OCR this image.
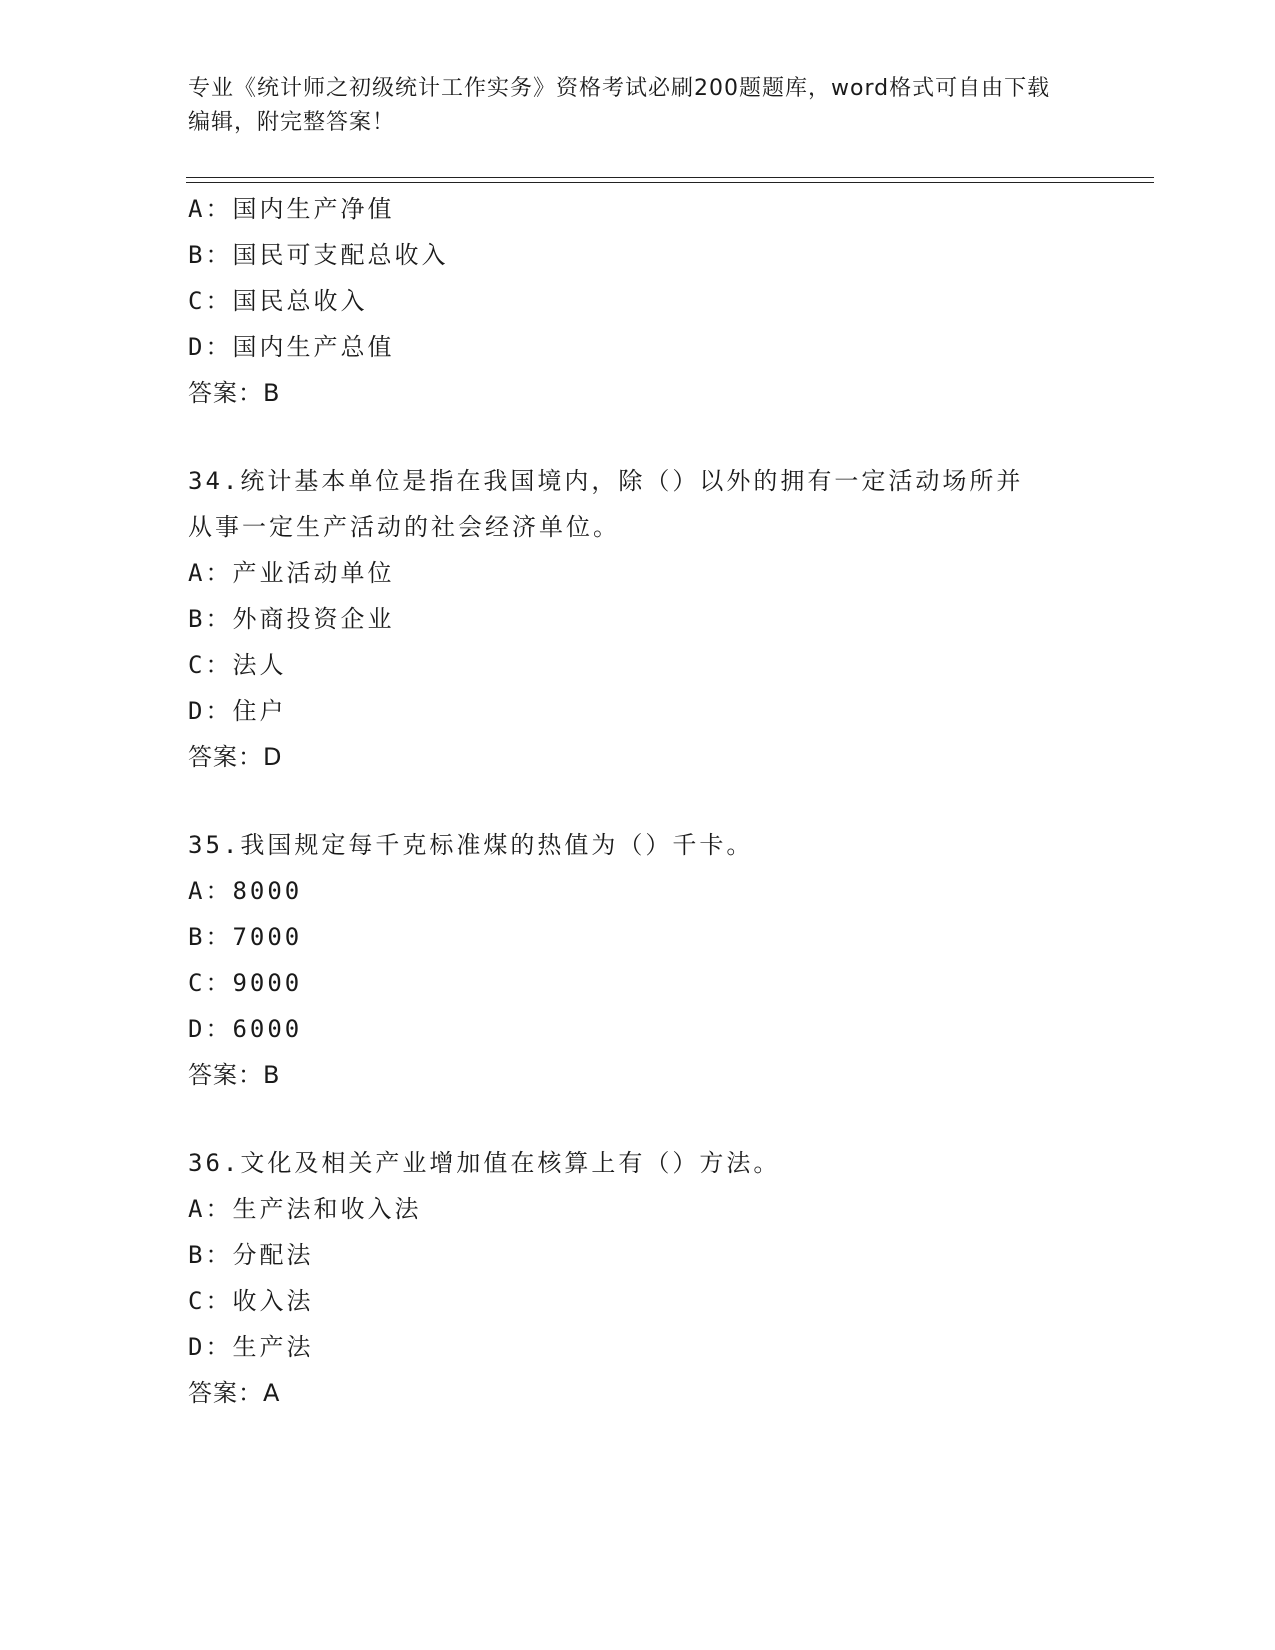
专业《统计师之初级统计工作实务》资格考试必刷200题题库，word格式可自由下载编辑，附完整答案！
A：国内生产净值
B：国民可支配总收入
C：国民总收入
D：国内生产总值
答案：B
34.统计基本单位是指在我国境内，除（）以外的拥有一定活动场所并从事一定生产活动的社会经济单位。
A：产业活动单位
B：外商投资企业
C：法人
D：住户
答案：D
35.我国规定每千克标准煤的热值为（）千卡。
A：8000
B：7000
C：9000
D：6000
答案：B
36.文化及相关产业增加值在核算上有（）方法。
A：生产法和收入法
B：分配法
C：收入法
D：生产法
答案：A
